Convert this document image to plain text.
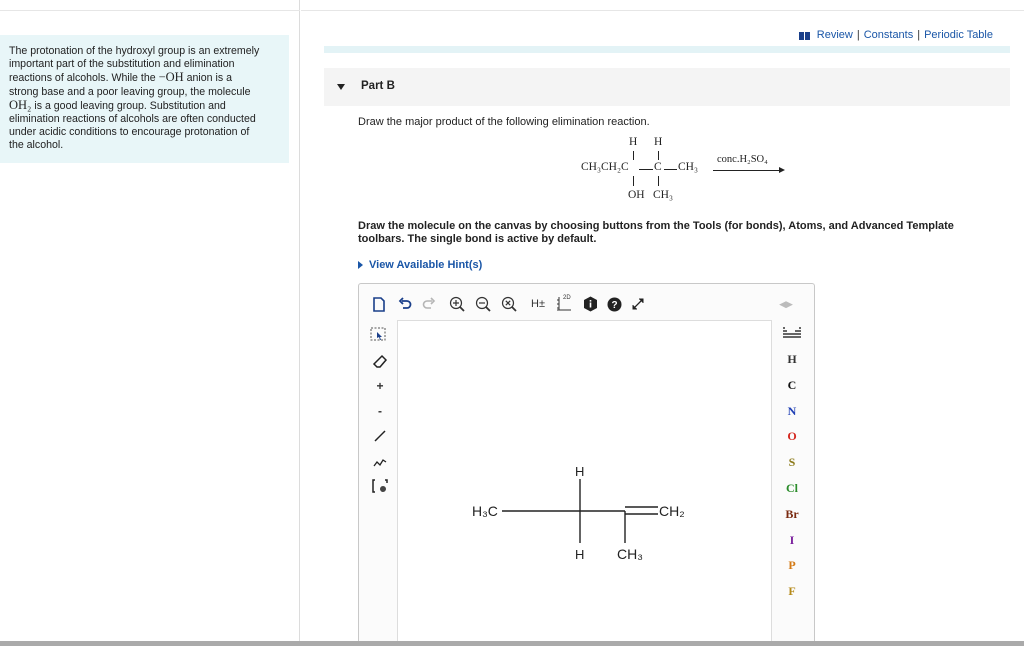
The protonation of the hydroxyl group is an extremely
important part of the substitution and elimination
reactions of alcohols. While the −OH anion is a
strong base and a poor leaving group, the molecule
OH₂ is a good leaving group. Substitution and
elimination reactions of alcohols are often conducted
under acidic conditions to encourage protonation of
the alcohol.
Review | Constants | Periodic Table
Part B
Draw the major product of the following elimination reaction.
H H
CH₃CH₂C C CH₃
OH CH₃
conc.H₂SO₄
Draw the molecule on the canvas by choosing buttons from the Tools (for bonds), Atoms, and Advanced Template toolbars. The single bond is active by default.
View Available Hint(s)
H±	2D
?	◀▶
+
-
H₃C
H
H
CH₂
CH₃
H
C
N
O
S
Cl
Br
I
P
F
